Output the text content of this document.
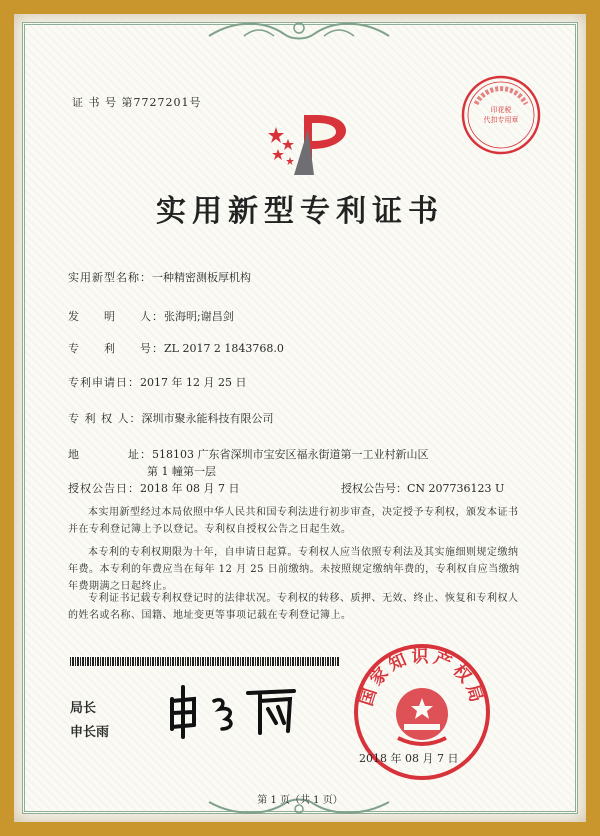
证 书 号 第7727201号
印花税
代扣专用章
实用新型专利证书
实用新型名称：一种精密测板厚机构
发　　明　　人：张海明;谢昌剑
专　　利　　号：ZL 2017 2 1843768.0
专利申请日：2017 年 12 月 25 日
专 利 权 人：深圳市聚永能科技有限公司
地　　　　址：518103 广东省深圳市宝安区福永街道第一工业村新山区
第 1 幢第一层
授权公告日：2018 年 08 月 7 日	授权公告号：CN 207736123 U
本实用新型经过本局依照中华人民共和国专利法进行初步审查，决定授予专利权，颁发本证书并在专利登记簿上予以登记。专利权自授权公告之日起生效。
本专利的专利权期限为十年，自申请日起算。专利权人应当依照专利法及其实施细则规定缴纳年费。本专利的年费应当在每年 12 月 25 日前缴纳。未按照规定缴纳年费的，专利权自应当缴纳年费期满之日起终止。
专利证书记载专利权登记时的法律状况。专利权的转移、质押、无效、终止、恢复和专利权人的姓名或名称、国籍、地址变更等事项记载在专利登记簿上。
局长
申长雨
国家知识产权局
2018 年 08 月 7 日
第 1 页（共 1 页）
